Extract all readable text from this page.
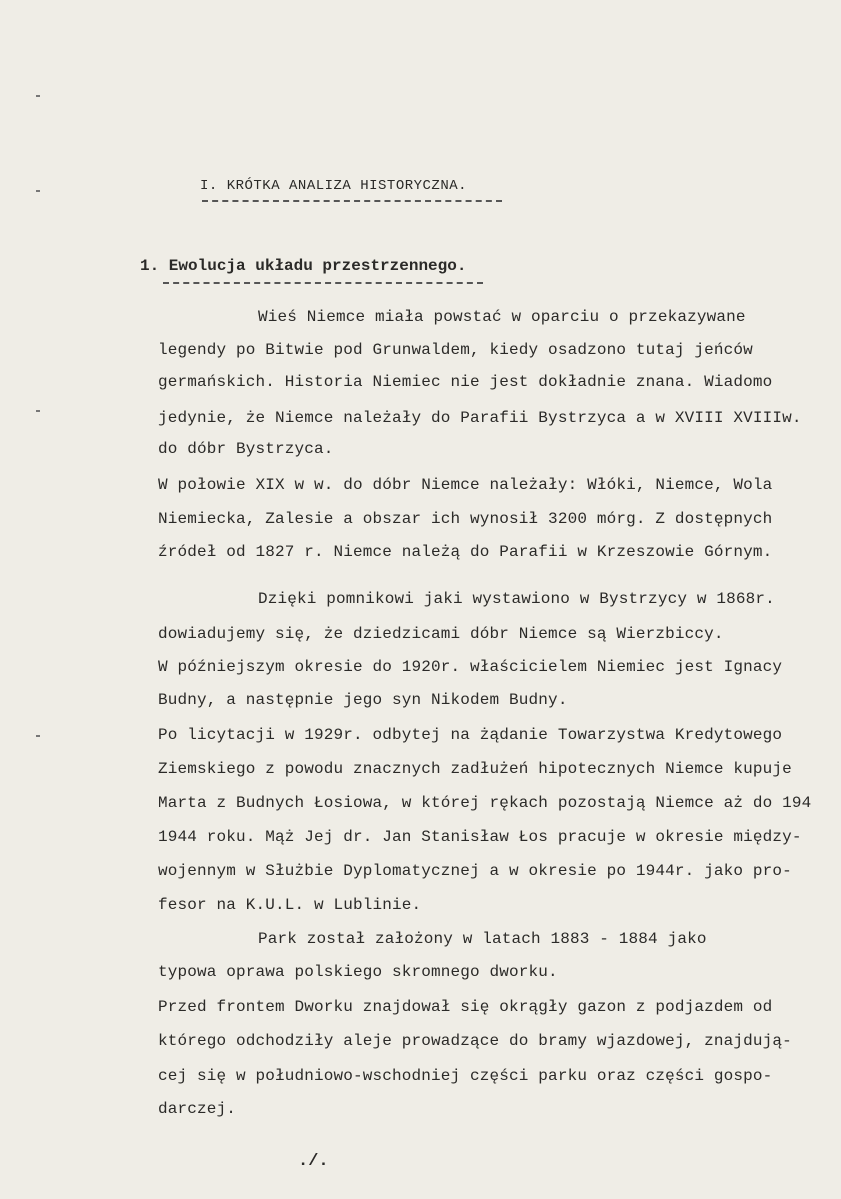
I. KRÓTKA ANALIZA HISTORYCZNA.
1. Ewolucja układu przestrzennego.
Wieś Niemce miała powstać w oparciu o przekazywane
legendy po Bitwie pod Grunwaldem, kiedy osadzono tutaj jeńców
germańskich. Historia Niemiec nie jest dokładnie znana. Wiadomo
jedynie, że Niemce należały do Parafii Bystrzyca a w XVIII XVIIIw.
do dóbr Bystrzyca.
W połowie XIX w w. do dóbr Niemce należały: Włóki, Niemce, Wola
Niemiecka, Zalesie a obszar ich wynosił 3200 mórg. Z dostępnych
źródeł od 1827 r. Niemce należą do Parafii w Krzeszowie Górnym.
Dzięki pomnikowi jaki wystawiono w Bystrzycy w 1868r.
dowiadujemy się, że dziedzicami dóbr Niemce są Wierzbiccy.
W późniejszym okresie do 1920r. właścicielem Niemiec jest Ignacy
Budny, a następnie jego syn Nikodem Budny.
Po licytacji w 1929r. odbytej na żądanie Towarzystwa Kredytowego
Ziemskiego z powodu znacznych zadłużeń hipotecznych Niemce kupuje
Marta z Budnych Łosiowa, w której rękach pozostają Niemce aż do 194
1944 roku. Mąż Jej dr. Jan Stanisław Łos pracuje w okresie między-
wojennym w Służbie Dyplomatycznej a w okresie po 1944r. jako pro-
fesor na K.U.L. w Lublinie.
Park został założony w latach 1883 - 1884 jako
typowa oprawa polskiego skromnego dworku.
Przed frontem Dworku znajdował się okrągły gazon z podjazdem od
którego odchodziły aleje prowadzące do bramy wjazdowej, znajdują-
cej się w południowo-wschodniej części parku oraz części gospo-
darczej.
./.
